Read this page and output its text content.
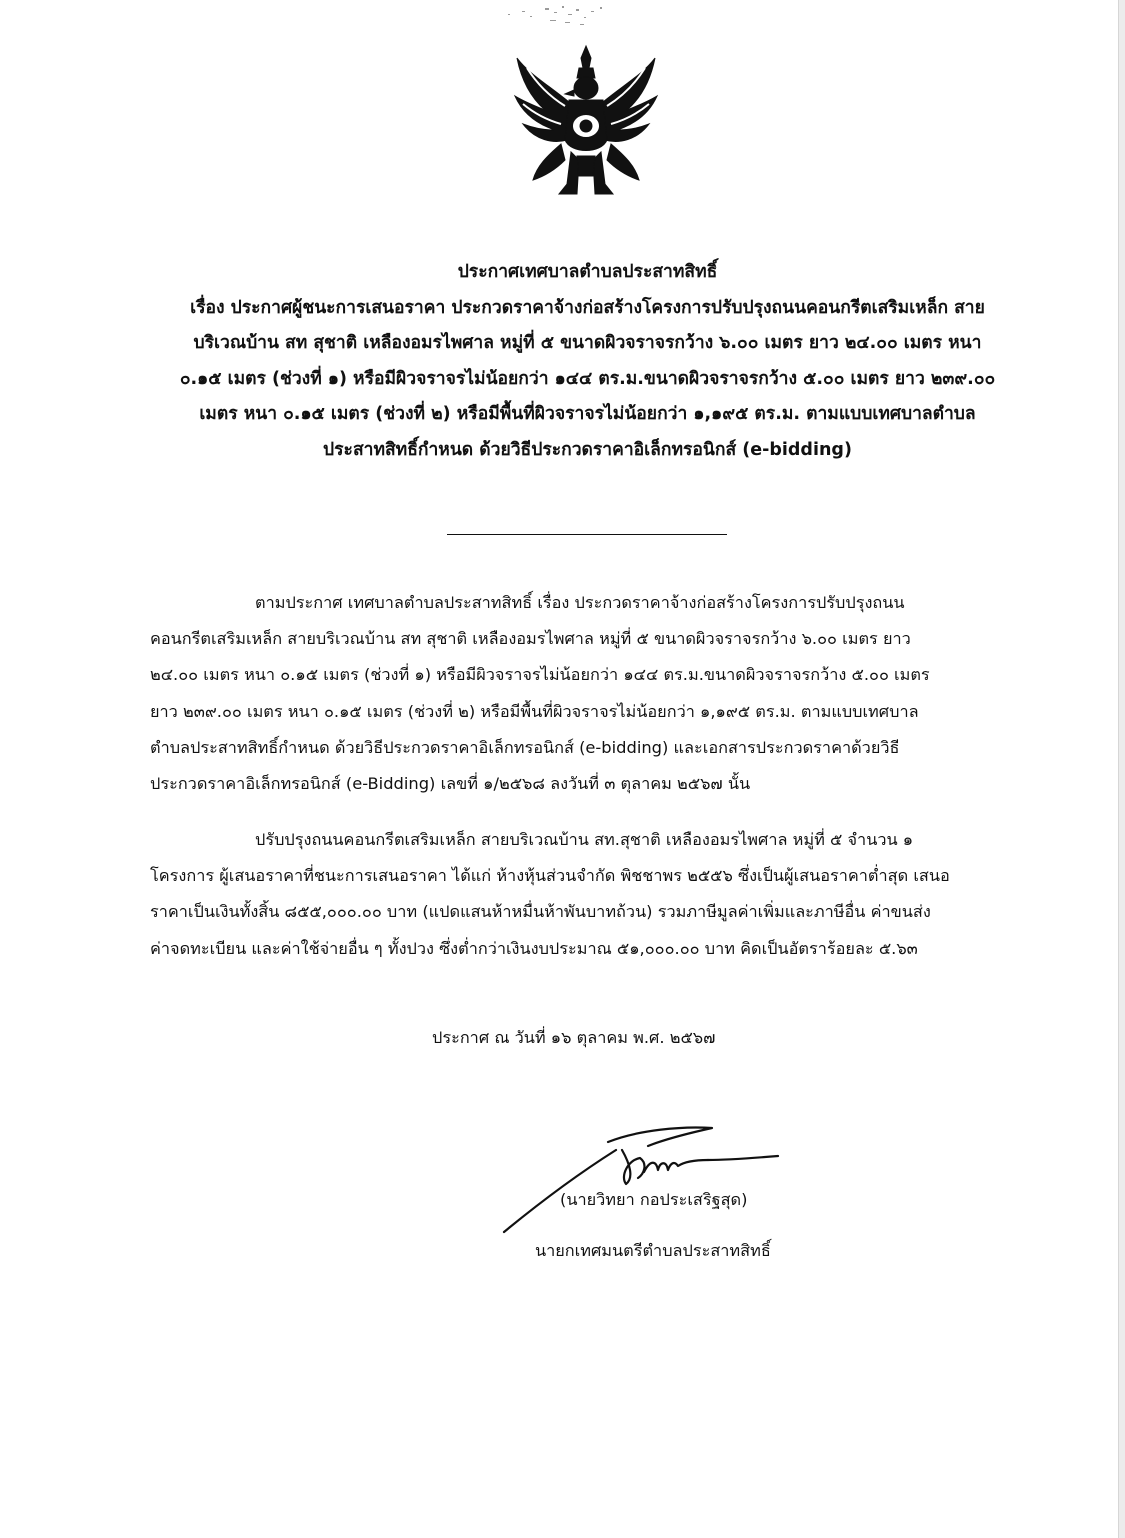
ประกาศเทศบาลตำบลประสาทสิทธิ์
เรื่อง ประกาศผู้ชนะการเสนอราคา ประกวดราคาจ้างก่อสร้างโครงการปรับปรุงถนนคอนกรีตเสริมเหล็ก สาย
บริเวณบ้าน สท สุชาติ เหลืองอมรไพศาล หมู่ที่ ๕ ขนาดผิวจราจรกว้าง ๖.๐๐ เมตร ยาว ๒๔.๐๐ เมตร หนา
๐.๑๕ เมตร (ช่วงที่ ๑) หรือมีผิวจราจรไม่น้อยกว่า ๑๔๔ ตร.ม.ขนาดผิวจราจรกว้าง ๕.๐๐ เมตร ยาว ๒๓๙.๐๐
เมตร หนา ๐.๑๕ เมตร (ช่วงที่ ๒) หรือมีพื้นที่ผิวจราจรไม่น้อยกว่า ๑,๑๙๕ ตร.ม. ตามแบบเทศบาลตำบล
ประสาทสิทธิ์กำหนด ด้วยวิธีประกวดราคาอิเล็กทรอนิกส์ (e-bidding)
ตามประกาศ เทศบาลตำบลประสาทสิทธิ์ เรื่อง ประกวดราคาจ้างก่อสร้างโครงการปรับปรุงถนน
คอนกรีตเสริมเหล็ก สายบริเวณบ้าน สท สุชาติ เหลืองอมรไพศาล หมู่ที่ ๕ ขนาดผิวจราจรกว้าง ๖.๐๐ เมตร ยาว
๒๔.๐๐ เมตร หนา ๐.๑๕ เมตร (ช่วงที่ ๑) หรือมีผิวจราจรไม่น้อยกว่า ๑๔๔ ตร.ม.ขนาดผิวจราจรกว้าง ๕.๐๐ เมตร
ยาว ๒๓๙.๐๐ เมตร หนา ๐.๑๕ เมตร (ช่วงที่ ๒) หรือมีพื้นที่ผิวจราจรไม่น้อยกว่า ๑,๑๙๕ ตร.ม. ตามแบบเทศบาล
ตำบลประสาทสิทธิ์กำหนด ด้วยวิธีประกวดราคาอิเล็กทรอนิกส์ (e-bidding) และเอกสารประกวดราคาด้วยวิธี
ประกวดราคาอิเล็กทรอนิกส์ (e-Bidding) เลขที่ ๑/๒๕๖๘ ลงวันที่ ๓ ตุลาคม ๒๕๖๗ นั้น
ปรับปรุงถนนคอนกรีตเสริมเหล็ก สายบริเวณบ้าน สท.สุชาติ เหลืองอมรไพศาล หมู่ที่ ๕ จำนวน ๑
โครงการ ผู้เสนอราคาที่ชนะการเสนอราคา ได้แก่ ห้างหุ้นส่วนจำกัด พิชชาพร ๒๕๕๖ ซึ่งเป็นผู้เสนอราคาต่ำสุด เสนอ
ราคาเป็นเงินทั้งสิ้น ๘๕๕,๐๐๐.๐๐ บาท (แปดแสนห้าหมื่นห้าพันบาทถ้วน) รวมภาษีมูลค่าเพิ่มและภาษีอื่น ค่าขนส่ง
ค่าจดทะเบียน และค่าใช้จ่ายอื่น ๆ ทั้งปวง ซึ่งต่ำกว่าเงินงบประมาณ ๕๑,๐๐๐.๐๐ บาท คิดเป็นอัตราร้อยละ ๕.๖๓
ประกาศ ณ วันที่ ๑๖ ตุลาคม พ.ศ. ๒๕๖๗
(นายวิทยา กอประเสริฐสุด)
นายกเทศมนตรีตำบลประสาทสิทธิ์
